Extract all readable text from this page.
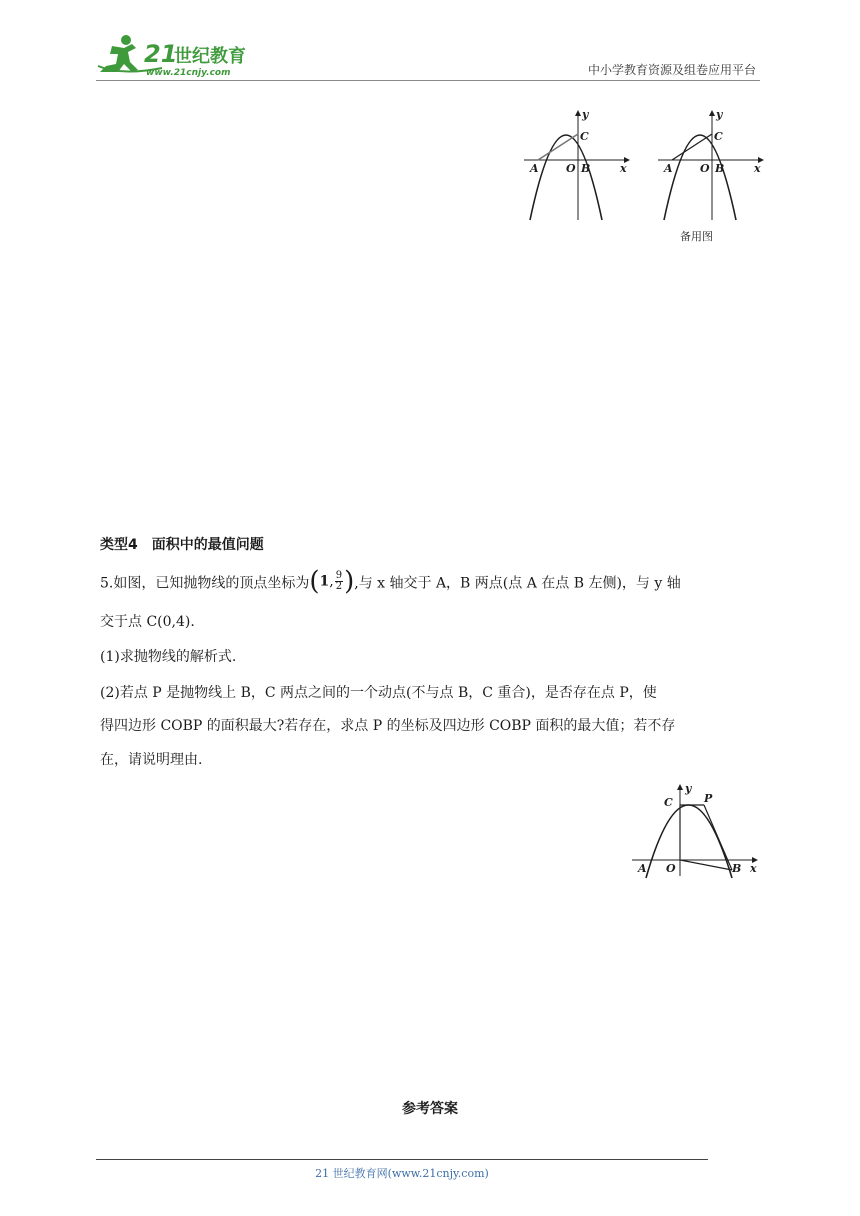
21
世纪教育
www.21cnjy.com	中小学教育资源及组卷应用平台
A O B
C
x
y
A O B
C
x
y
备用图
类型4　面积中的最值问题
5.如图，已知抛物线的顶点坐标为(1, $\frac{9}{2}$ ),与 x 轴交于 A，B 两点(点 A 在点 B 左侧)，与 y 轴
交于点 C(0,4).
(1)求抛物线的解析式.
(2)若点 P 是抛物线上 B，C 两点之间的一个动点(不与点 B，C 重合)，是否存在点 P，使
得四边形 COBP 的面积最大?若存在，求点 P 的坐标及四边形 COBP 面积的最大值；若不存
在，请说明理由.
C	P
A O	B x
y
参考答案
21 世纪教育网(www.21cnjy.com)
